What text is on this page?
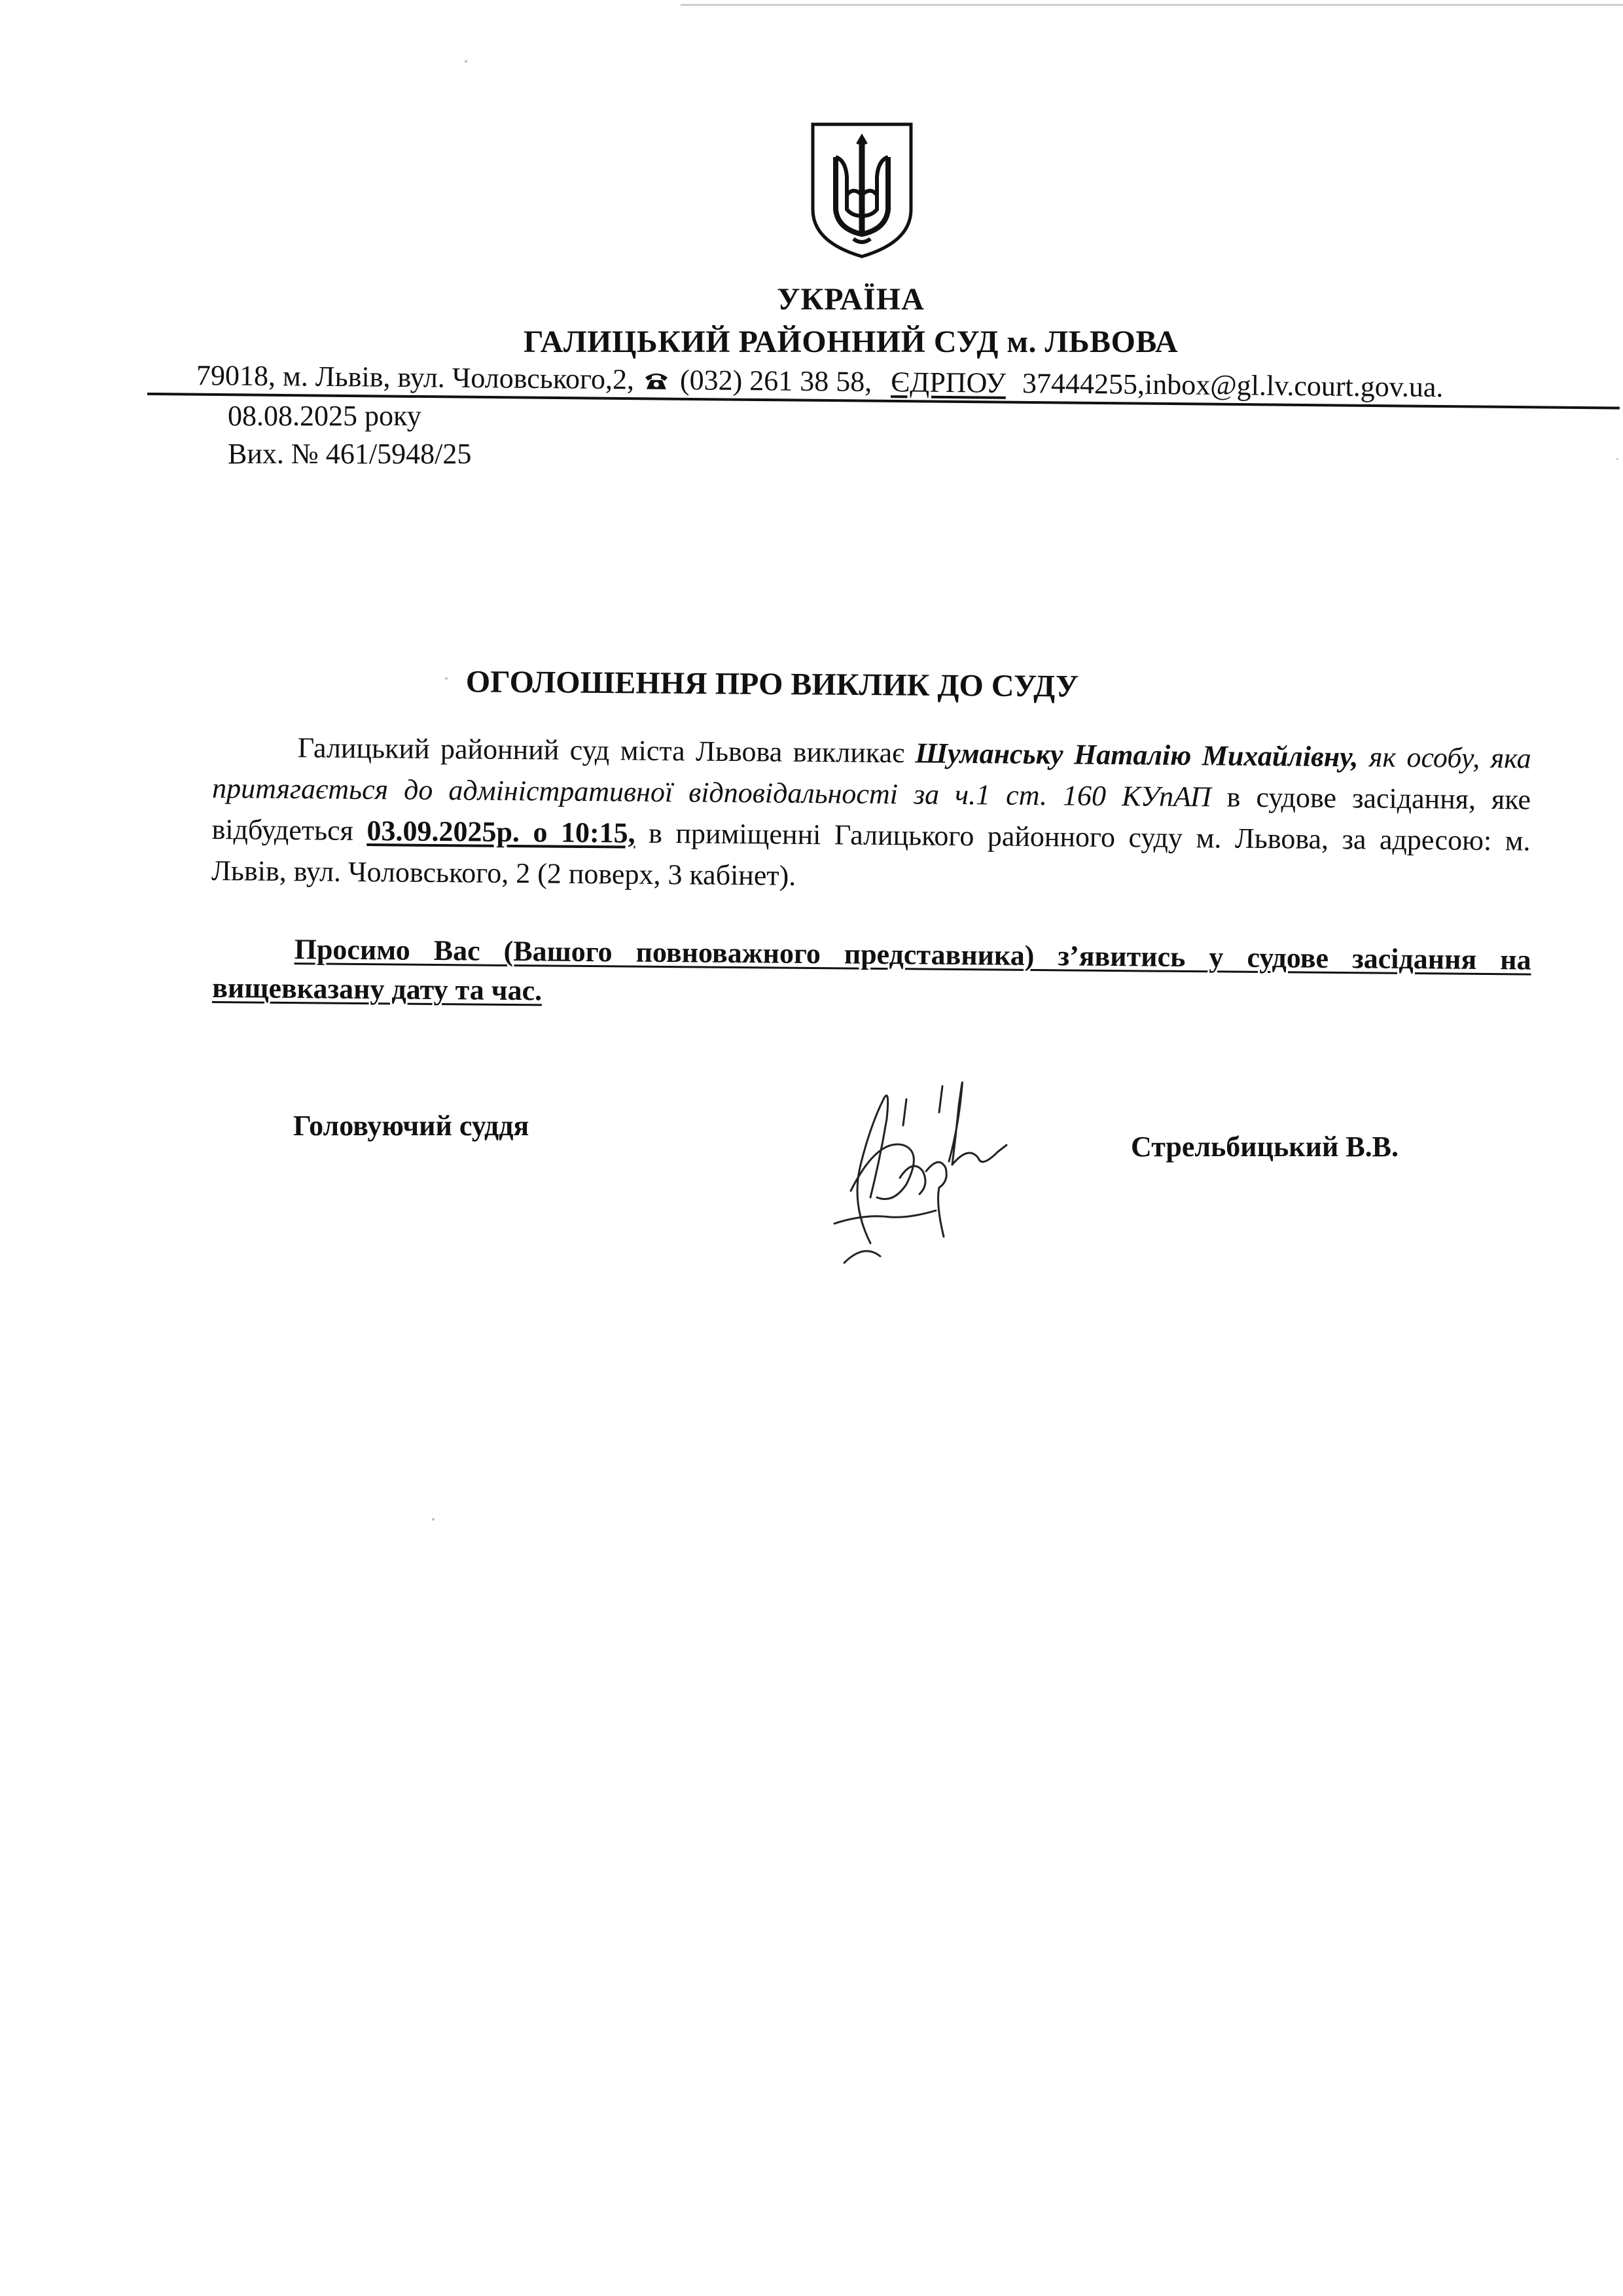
УКРАЇНА
ГАЛИЦЬКИЙ РАЙОННИЙ СУД м. ЛЬВОВА
79018, м. Львів, вул. Чоловського,2, (032) 261 38 58, ЄДРПОУ 37444255,inbox@gl.lv.court.gov.ua.
08.08.2025 року
Вих. № 461/5948/25
ОГОЛОШЕННЯ ПРО ВИКЛИК ДО СУДУ
Галицький районний суд міста Львова викликає Шуманську Наталію Михайлівну, як особу, яка притягається до адміністративної відповідальності за ч.1 ст. 160 КУпАП в судове засідання, яке відбудеться 03.09.2025р. о 10:15, в приміщенні Галицького районного суду м. Львова, за адресою: м. Львів, вул. Чоловського, 2 (2 поверх, 3 кабінет).
Просимо Вас (Вашого повноважного представника) з’явитись у судове засідання на вищевказану дату та час.
Головуючий суддя
Стрельбицький В.В.
